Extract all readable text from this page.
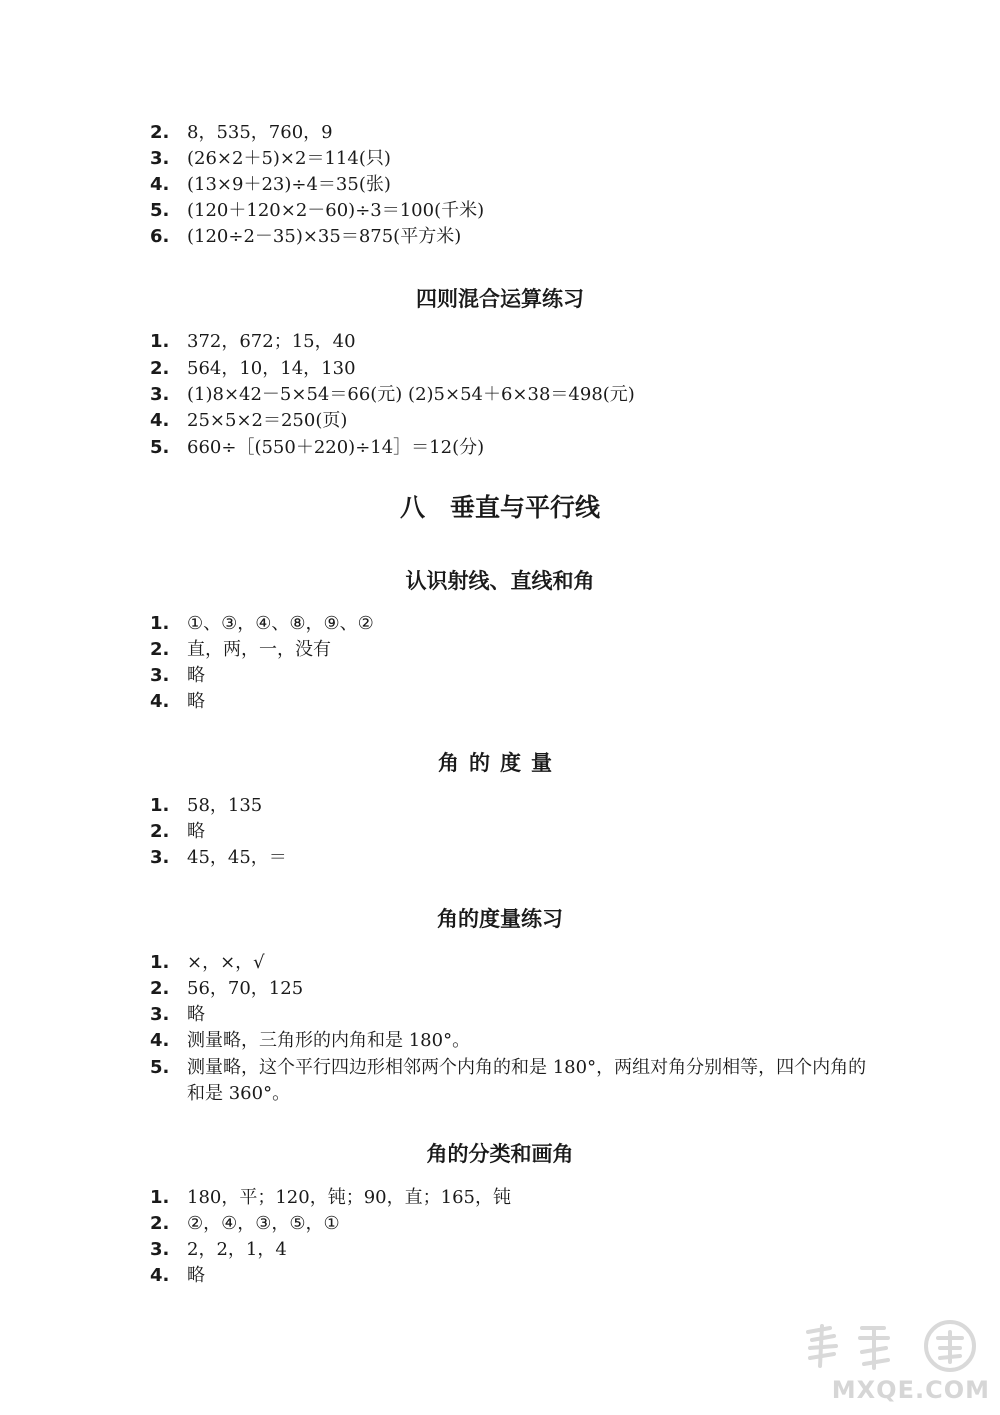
2. 8，535，760，9
3. (26×2＋5)×2＝114(只)
4. (13×9＋23)÷4＝35(张)
5. (120＋120×2－60)÷3＝100(千米)
6. (120÷2－35)×35＝875(平方米)
四则混合运算练习
1. 372，672；15，40
2. 564，10，14，130
3. (1)8×42－5×54＝66(元) (2)5×54＋6×38＝498(元)
4. 25×5×2＝250(页)
5. 660÷［(550＋220)÷14］＝12(分)
八　垂直与平行线
认识射线、直线和角
1. ①、③，④、⑧，⑨、②
2. 直，两，一，没有
3. 略
4. 略
角的度量
1. 58，135
2. 略
3. 45，45，＝
角的度量练习
1. ×，×，√
2. 56，70，125
3. 略
4. 测量略，三角形的内角和是 180°。
5. 测量略，这个平行四边形相邻两个内角的和是 180°，两组对角分别相等，四个内角的和是 360°。
角的分类和画角
1. 180，平；120，钝；90，直；165，钝
2. ②，④，③，⑤，①
3. 2，2，1，4
4. 略
MXQE.COM
